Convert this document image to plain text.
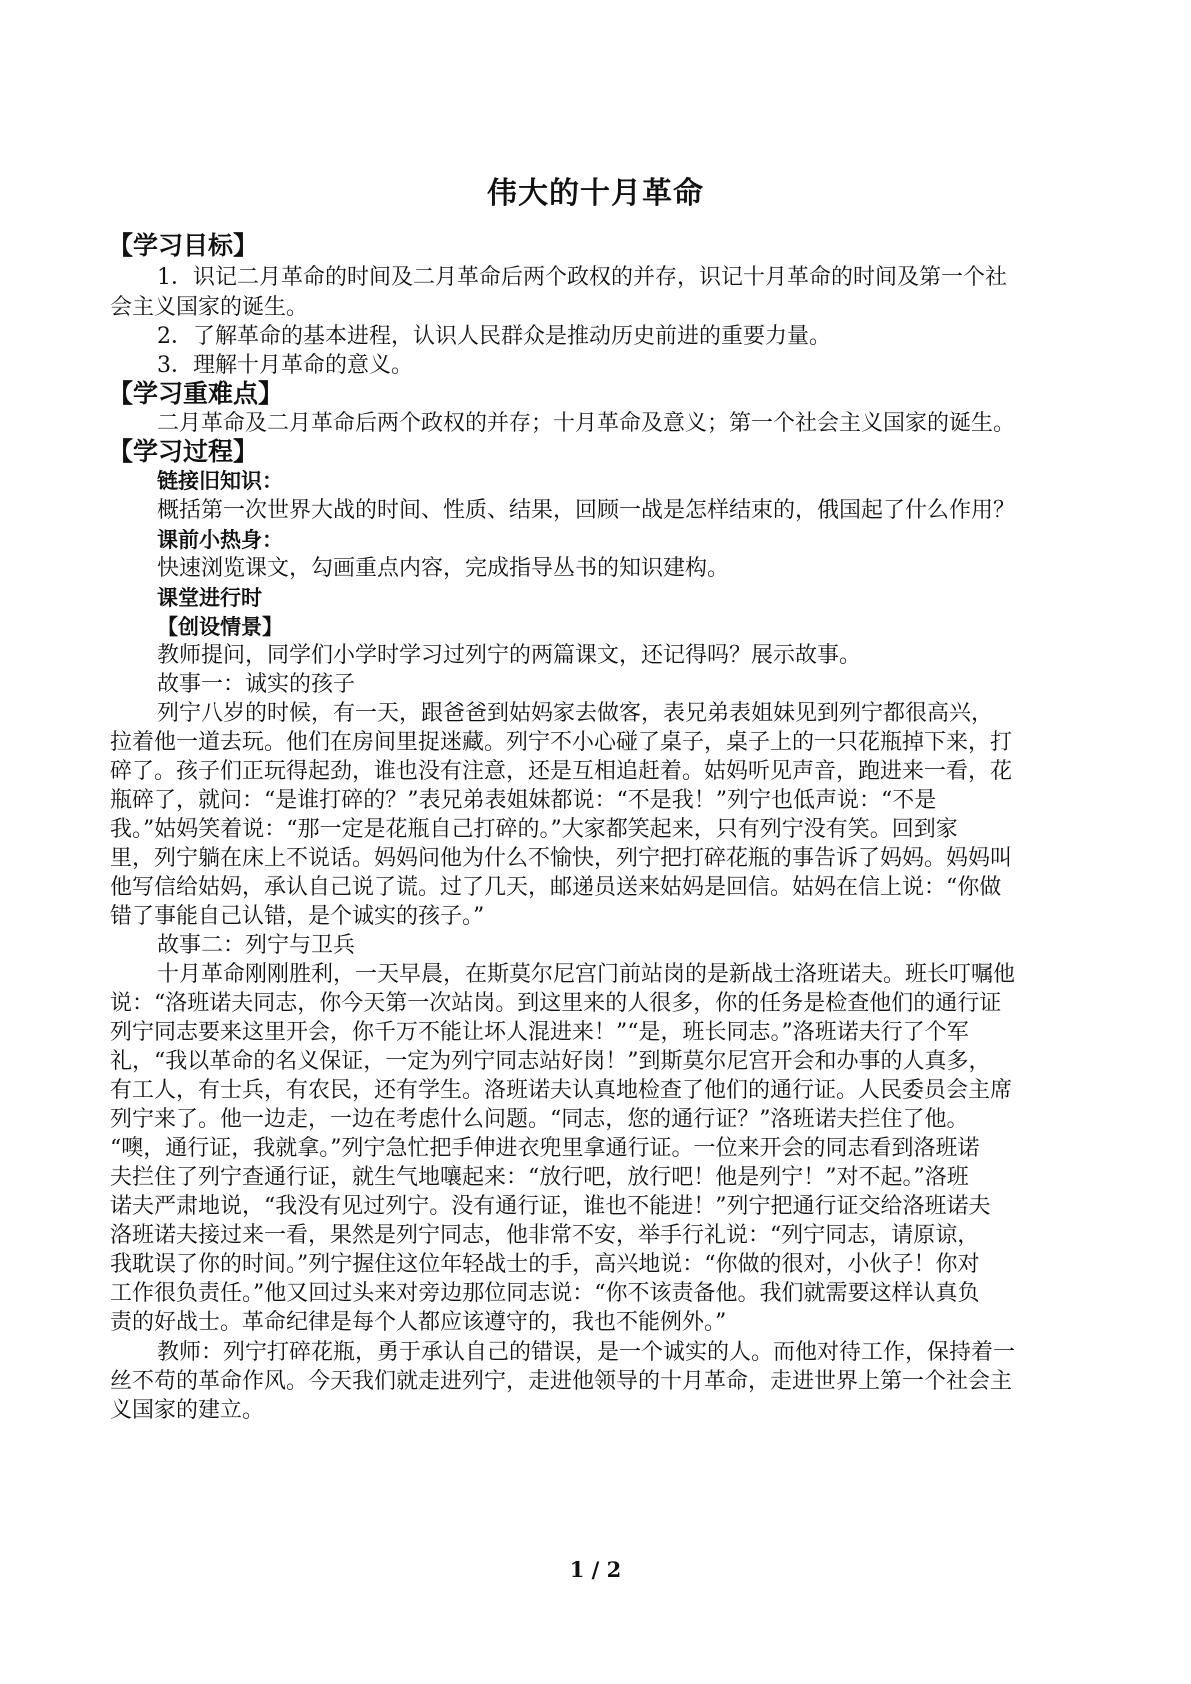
伟大的十月革命
【学习目标】
1．识记二月革命的时间及二月革命后两个政权的并存，识记十月革命的时间及第一个社
会主义国家的诞生。
2．了解革命的基本进程，认识人民群众是推动历史前进的重要力量。
3．理解十月革命的意义。
【学习重难点】
二月革命及二月革命后两个政权的并存；十月革命及意义；第一个社会主义国家的诞生。
【学习过程】
链接旧知识：
概括第一次世界大战的时间、性质、结果，回顾一战是怎样结束的，俄国起了什么作用？
课前小热身：
快速浏览课文，勾画重点内容，完成指导丛书的知识建构。
课堂进行时
【创设情景】
教师提问，同学们小学时学习过列宁的两篇课文，还记得吗？展示故事。
故事一：诚实的孩子
列宁八岁的时候，有一天，跟爸爸到姑妈家去做客，表兄弟表姐妹见到列宁都很高兴，
拉着他一道去玩。他们在房间里捉迷藏。列宁不小心碰了桌子，桌子上的一只花瓶掉下来，打
碎了。孩子们正玩得起劲，谁也没有注意，还是互相追赶着。姑妈听见声音，跑进来一看，花
瓶碎了，就问：“是谁打碎的？”表兄弟表姐妹都说：“不是我！”列宁也低声说：“不是
我。”姑妈笑着说：“那一定是花瓶自己打碎的。”大家都笑起来，只有列宁没有笑。回到家
里，列宁躺在床上不说话。妈妈问他为什么不愉快，列宁把打碎花瓶的事告诉了妈妈。妈妈叫
他写信给姑妈，承认自己说了谎。过了几天，邮递员送来姑妈是回信。姑妈在信上说：“你做
错了事能自己认错，是个诚实的孩子。”
故事二：列宁与卫兵
十月革命刚刚胜利，一天早晨，在斯莫尔尼宫门前站岗的是新战士洛班诺夫。班长叮嘱他
说：“洛班诺夫同志，你今天第一次站岗。到这里来的人很多，你的任务是检查他们的通行证
列宁同志要来这里开会，你千万不能让坏人混进来！”“是，班长同志。”洛班诺夫行了个军
礼，“我以革命的名义保证，一定为列宁同志站好岗！”到斯莫尔尼宫开会和办事的人真多，
有工人，有士兵，有农民，还有学生。洛班诺夫认真地检查了他们的通行证。人民委员会主席
列宁来了。他一边走，一边在考虑什么问题。“同志，您的通行证？”洛班诺夫拦住了他。
“噢，通行证，我就拿。”列宁急忙把手伸进衣兜里拿通行证。一位来开会的同志看到洛班诺
夫拦住了列宁查通行证，就生气地嚷起来：“放行吧，放行吧！他是列宁！”对不起。”洛班
诺夫严肃地说，“我没有见过列宁。没有通行证，谁也不能进！”列宁把通行证交给洛班诺夫
洛班诺夫接过来一看，果然是列宁同志，他非常不安，举手行礼说：“列宁同志，请原谅，
我耽误了你的时间。”列宁握住这位年轻战士的手，高兴地说：“你做的很对，小伙子！你对
工作很负责任。”他又回过头来对旁边那位同志说：“你不该责备他。我们就需要这样认真负
责的好战士。革命纪律是每个人都应该遵守的，我也不能例外。”
教师：列宁打碎花瓶，勇于承认自己的错误，是一个诚实的人。而他对待工作，保持着一
丝不苟的革命作风。今天我们就走进列宁，走进他领导的十月革命，走进世界上第一个社会主
义国家的建立。
1 / 2
